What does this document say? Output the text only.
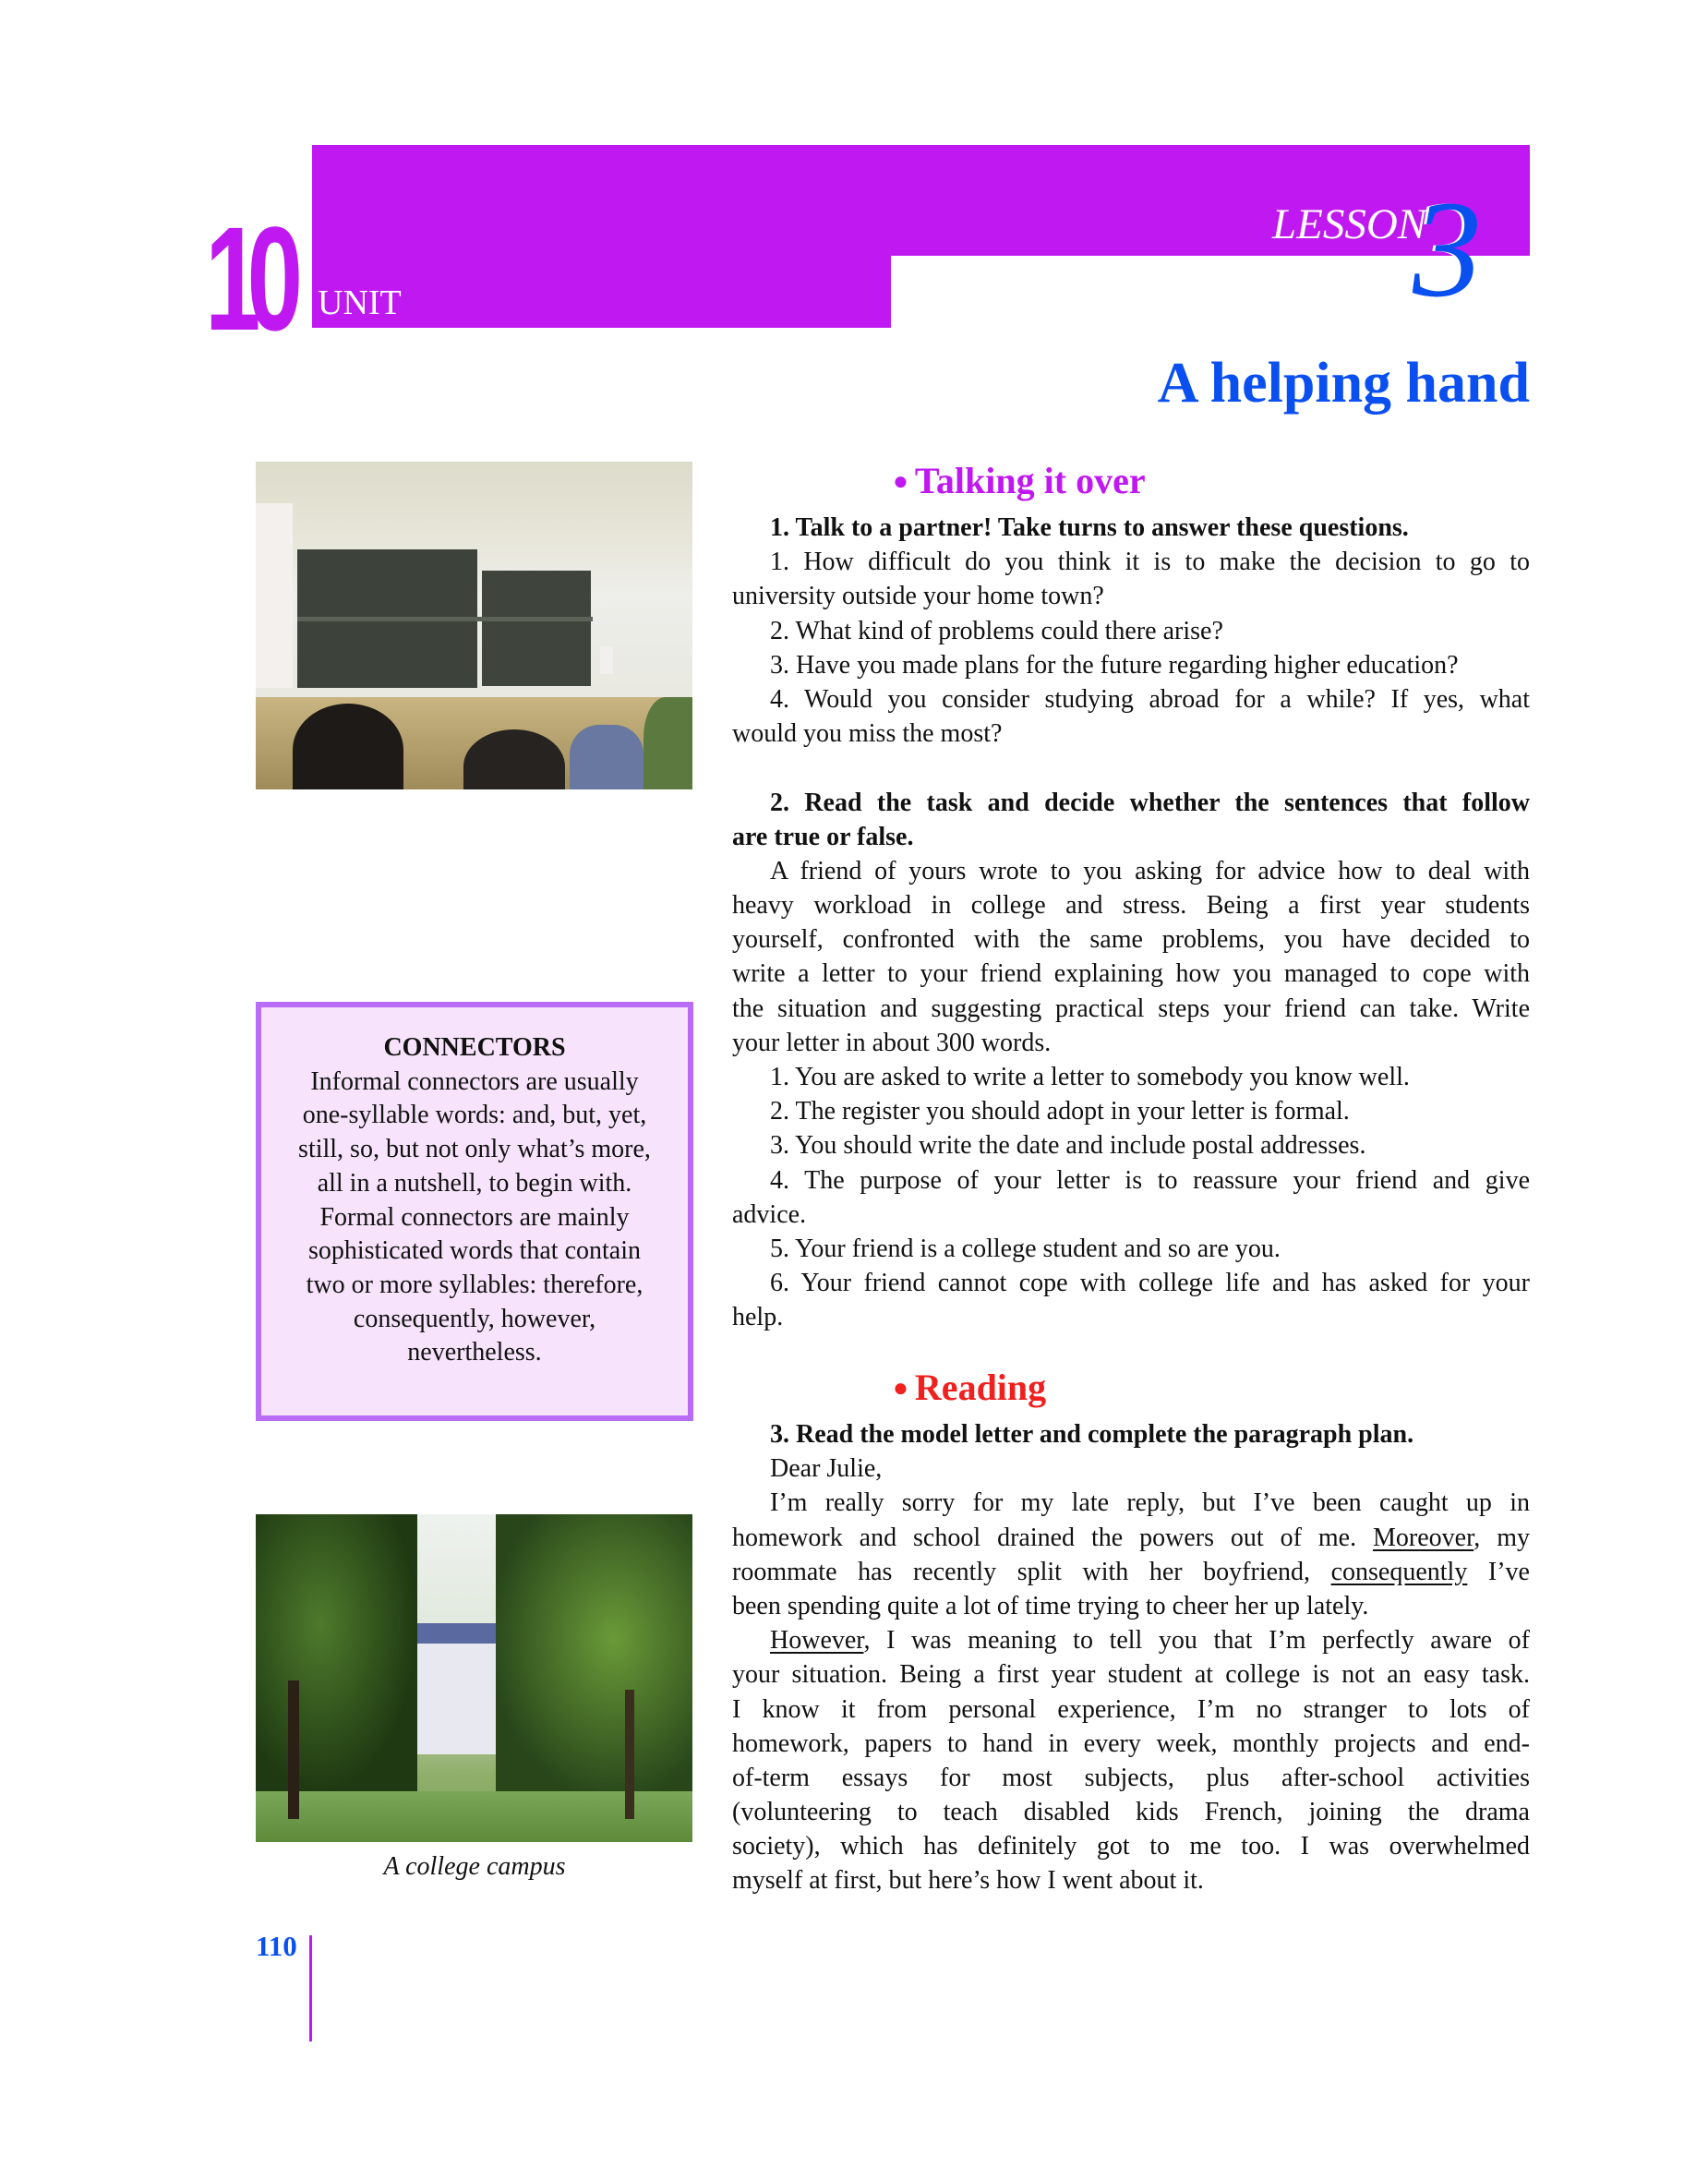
10 UNIT
LESSON
3
A helping hand
CONNECTORS
Informal connectors are usually
one-syllable words: and, but, yet,
still, so, but not only what’s more,
all in a nutshell, to begin with.
Formal connectors are mainly
sophisticated words that contain
two or more syllables: therefore,
consequently, however,
nevertheless.
A college campus
110
● Talking it over
1. Talk to a partner! Take turns to answer these questions.
1. How difficult do you think it is to make the decision to go to
university outside your home town?
2. What kind of problems could there arise?
3. Have you made plans for the future regarding higher education?
4. Would you consider studying abroad for a while? If yes, what
would you miss the most?
2. Read the task and decide whether the sentences that follow
are true or false.
A friend of yours wrote to you asking for advice how to deal with
heavy workload in college and stress. Being a first year students
yourself, confronted with the same problems, you have decided to
write a letter to your friend explaining how you managed to cope with
the situation and suggesting practical steps your friend can take. Write
your letter in about 300 words.
1. You are asked to write a letter to somebody you know well.
2. The register you should adopt in your letter is formal.
3. You should write the date and include postal addresses.
4. The purpose of your letter is to reassure your friend and give
advice.
5. Your friend is a college student and so are you.
6. Your friend cannot cope with college life and has asked for your
help.
● Reading
3. Read the model letter and complete the paragraph plan.
Dear Julie,
I’m really sorry for my late reply, but I’ve been caught up in
homework and school drained the powers out of me. Moreover, my
roommate has recently split with her boyfriend, consequently I’ve
been spending quite a lot of time trying to cheer her up lately.
However, I was meaning to tell you that I’m perfectly aware of
your situation. Being a first year student at college is not an easy task.
I know it from personal experience, I’m no stranger to lots of
homework, papers to hand in every week, monthly projects and end-
of-term essays for most subjects, plus after-school activities
(volunteering to teach disabled kids French, joining the drama
society), which has definitely got to me too. I was overwhelmed
myself at first, but here’s how I went about it.
